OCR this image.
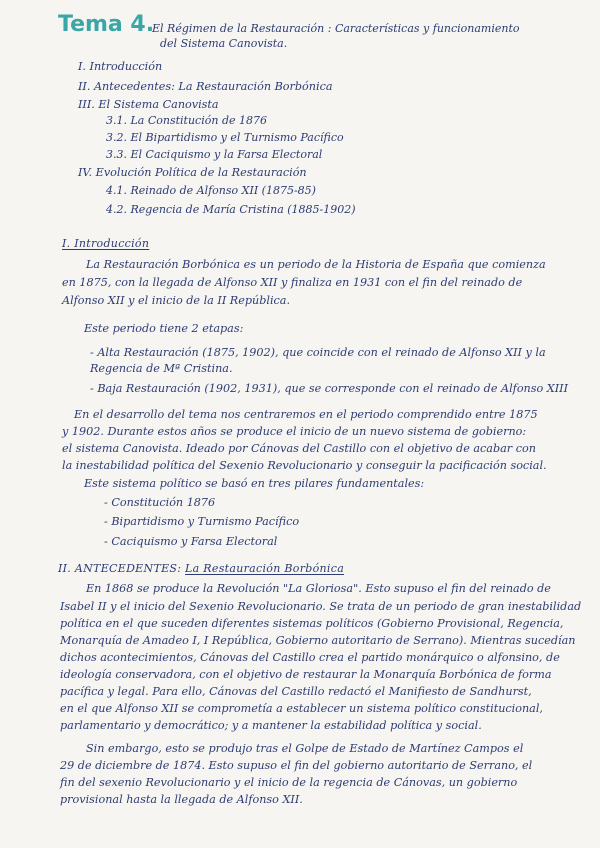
Tema 4.
El Régimen de la Restauración : Características y funcionamiento
del Sistema Canovista.
I. Introducción
II. Antecedentes: La Restauración Borbónica
III. El Sistema Canovista
3.1. La Constitución de 1876
3.2. El Bipartidismo y el Turnismo Pacífico
3.3. El Caciquismo y la Farsa Electoral
IV. Evolución Política de la Restauración
4.1. Reinado de Alfonso XII (1875-85)
4.2. Regencia de María Cristina (1885-1902)
I. Introducción
La Restauración Borbónica es un periodo de la Historia de España que comienza
en 1875, con la llegada de Alfonso XII y finaliza en 1931 con el fin del reinado de
Alfonso XII y el inicio de la II República.
Este periodo tiene 2 etapas:
- Alta Restauración (1875, 1902), que coincide con el reinado de Alfonso XII y la
Regencia de Mª Cristina.
- Baja Restauración (1902, 1931), que se corresponde con el reinado de Alfonso XIII
En el desarrollo del tema nos centraremos en el periodo comprendido entre 1875
y 1902. Durante estos años se produce el inicio de un nuevo sistema de gobierno:
el sistema Canovista. Ideado por Cánovas del Castillo con el objetivo de acabar con
la inestabilidad política del Sexenio Revolucionario y conseguir la pacificación social.
Este sistema político se basó en tres pilares fundamentales:
- Constitución 1876
- Bipartidismo y Turnismo Pacífico
- Caciquismo y Farsa Electoral
II. ANTECEDENTES: La Restauración Borbónica
En 1868 se produce la Revolución "La Gloriosa". Esto supuso el fin del reinado de
Isabel II y el inicio del Sexenio Revolucionario. Se trata de un periodo de gran inestabilidad
política en el que suceden diferentes sistemas políticos (Gobierno Provisional, Regencia,
Monarquía de Amadeo I, I República, Gobierno autoritario de Serrano). Mientras sucedían
dichos acontecimientos, Cánovas del Castillo crea el partido monárquico o alfonsino, de
ideología conservadora, con el objetivo de restaurar la Monarquía Borbónica de forma
pacífica y legal. Para ello, Cánovas del Castillo redactó el Manifiesto de Sandhurst,
en el que Alfonso XII se comprometía a establecer un sistema político constitucional,
parlamentario y democrático; y a mantener la estabilidad política y social.
Sin embargo, esto se produjo tras el Golpe de Estado de Martínez Campos el
29 de diciembre de 1874. Esto supuso el fin del gobierno autoritario de Serrano, el
fin del sexenio Revolucionario y el inicio de la regencia de Cánovas, un gobierno
provisional hasta la llegada de Alfonso XII.
